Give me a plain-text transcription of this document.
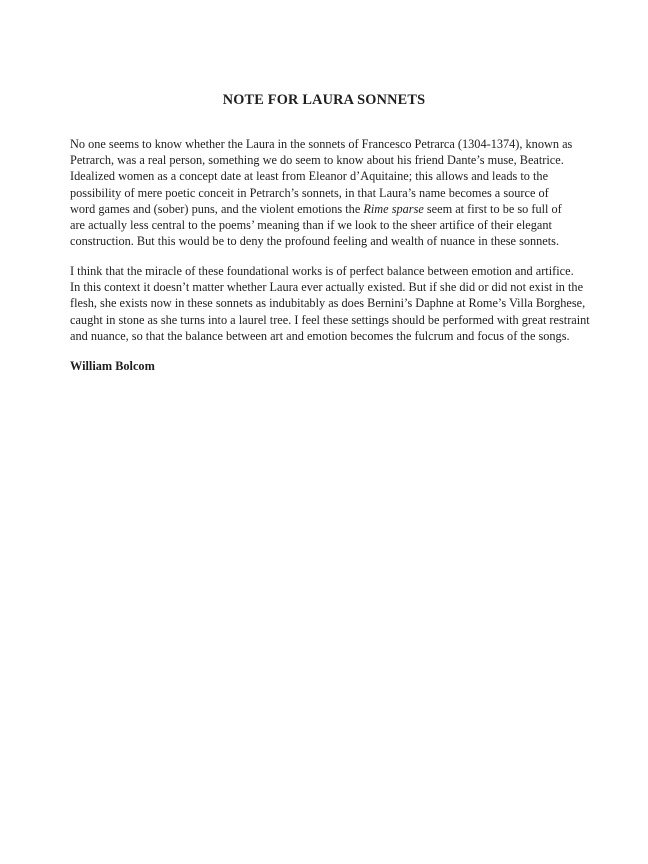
NOTE FOR LAURA SONNETS
No one seems to know whether the Laura in the sonnets of Francesco Petrarca (1304-1374), known as
Petrarch, was a real person, something we do seem to know about his friend Dante’s muse, Beatrice.
Idealized women as a concept date at least from Eleanor d’Aquitaine; this allows and leads to the
possibility of mere poetic conceit in Petrarch’s sonnets, in that Laura’s name becomes a source of
word games and (sober) puns, and the violent emotions the Rime sparse seem at first to be so full of
are actually less central to the poems’ meaning than if we look to the sheer artifice of their elegant
construction. But this would be to deny the profound feeling and wealth of nuance in these sonnets.
I think that the miracle of these foundational works is of perfect balance between emotion and artifice.
In this context it doesn’t matter whether Laura ever actually existed. But if she did or did not exist in the
flesh, she exists now in these sonnets as indubitably as does Bernini’s Daphne at Rome’s Villa Borghese,
caught in stone as she turns into a laurel tree. I feel these settings should be performed with great restraint
and nuance, so that the balance between art and emotion becomes the fulcrum and focus of the songs.
William Bolcom
